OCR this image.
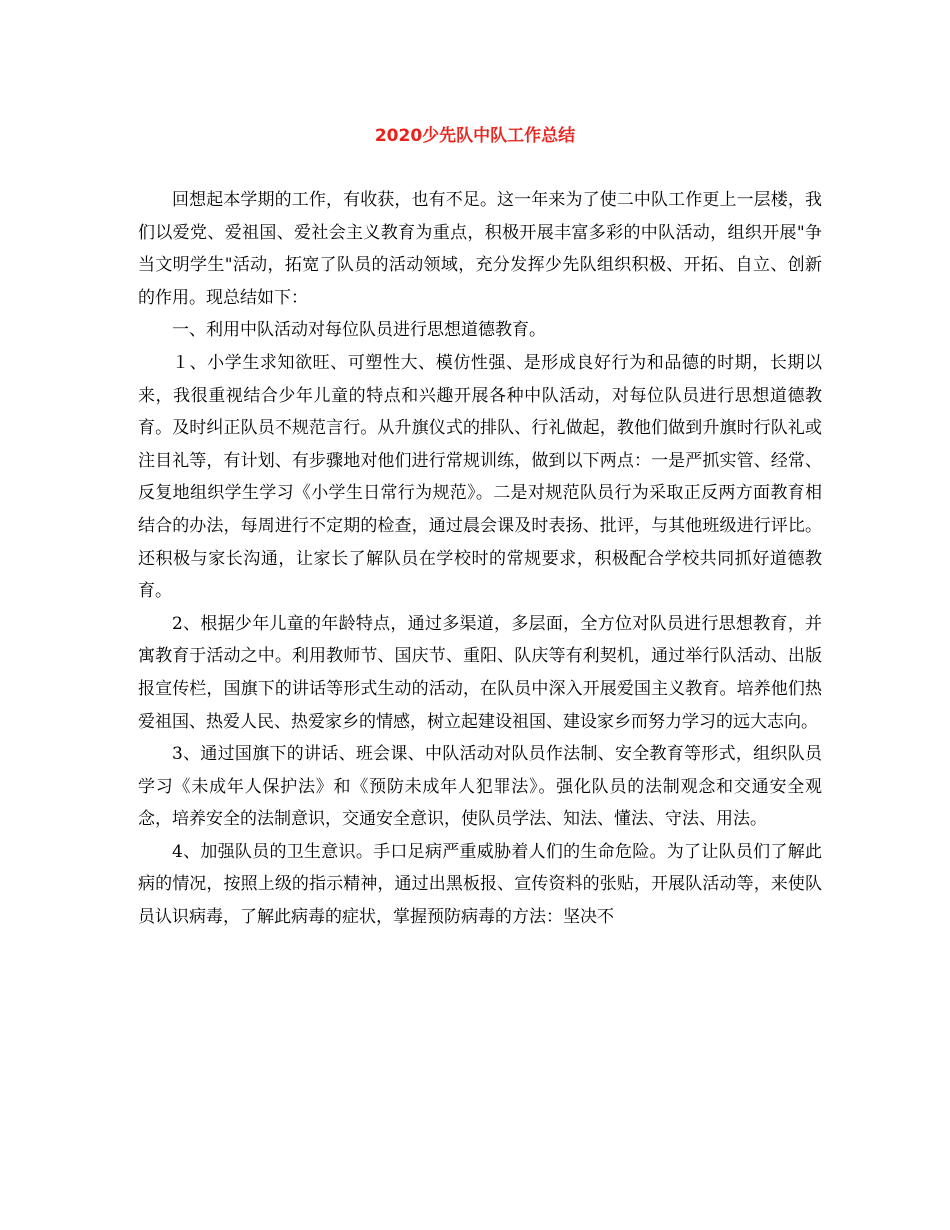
2020少先队中队工作总结

回想起本学期的工作，有收获，也有不足。这一年来为了使二中队工作更上一层楼，我们以爱党、爱祖国、爱社会主义教育为重点，积极开展丰富多彩的中队活动，组织开展"争当文明学生"活动，拓宽了队员的活动领域，充分发挥少先队组织积极、开拓、自立、创新的作用。现总结如下：

一、利用中队活动对每位队员进行思想道德教育。

１、小学生求知欲旺、可塑性大、模仿性强、是形成良好行为和品德的时期，长期以来，我很重视结合少年儿童的特点和兴趣开展各种中队活动，对每位队员进行思想道德教育。及时纠正队员不规范言行。从升旗仪式的排队、行礼做起，教他们做到升旗时行队礼或注目礼等，有计划、有步骤地对他们进行常规训练，做到以下两点：一是严抓实管、经常、反复地组织学生学习《小学生日常行为规范》。二是对规范队员行为采取正反两方面教育相结合的办法，每周进行不定期的检查，通过晨会课及时表扬、批评，与其他班级进行评比。还积极与家长沟通，让家长了解队员在学校时的常规要求，积极配合学校共同抓好道德教育。

2、根据少年儿童的年龄特点，通过多渠道，多层面，全方位对队员进行思想教育，并寓教育于活动之中。利用教师节、国庆节、重阳、队庆等有利契机，通过举行队活动、出版报宣传栏，国旗下的讲话等形式生动的活动，在队员中深入开展爱国主义教育。培养他们热爱祖国、热爱人民、热爱家乡的情感，树立起建设祖国、建设家乡而努力学习的远大志向。

3、通过国旗下的讲话、班会课、中队活动对队员作法制、安全教育等形式，组织队员学习《未成年人保护法》和《预防未成年人犯罪法》。强化队员的法制观念和交通安全观念，培养安全的法制意识，交通安全意识，使队员学法、知法、懂法、守法、用法。

4、加强队员的卫生意识。手口足病严重威胁着人们的生命危险。为了让队员们了解此病的情况，按照上级的指示精神，通过出黑板报、宣传资料的张贴，开展队活动等，来使队员认识病毒，了解此病毒的症状，掌握预防病毒的方法：坚决不
